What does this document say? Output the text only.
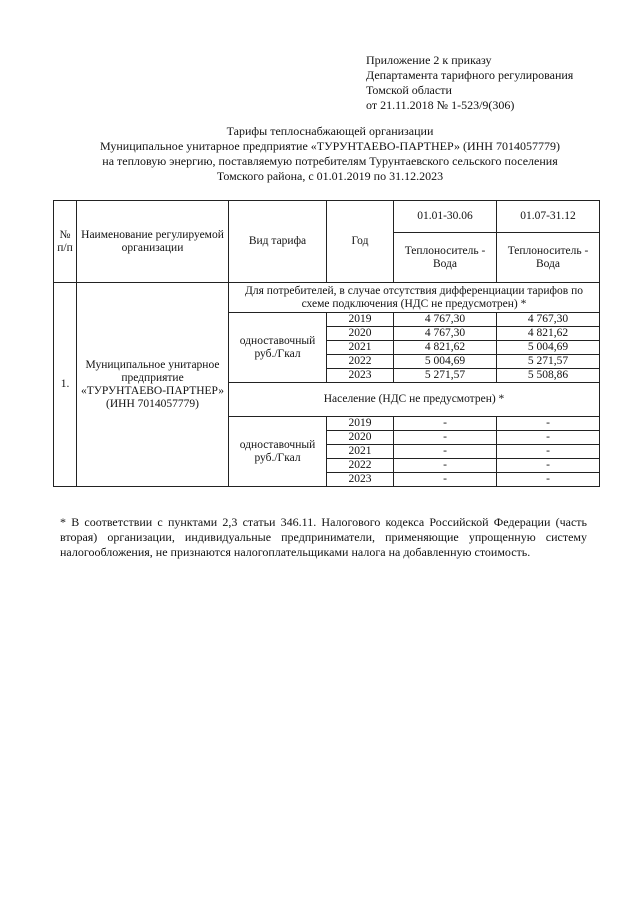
Приложение 2 к приказу
Департамента тарифного регулирования
Томской области
от 21.11.2018 № 1-523/9(306)
Тарифы теплоснабжающей организации
Муниципальное унитарное предприятие «ТУРУНТАЕВО-ПАРТНЕР» (ИНН 7014057779)
на тепловую энергию, поставляемую потребителям Турунтаевского сельского поселения
Томского района, с 01.01.2019 по 31.12.2023
№ п/п	Наименование регулируемой организации	Вид тарифа	Год	01.01-30.06	01.07-31.12
				Теплоноситель - Вода	Теплоноситель - Вода
1.	Муниципальное унитарное предприятие «ТУРУНТАЕВО-ПАРТНЕР» (ИНН 7014057779)	Для потребителей, в случае отсутствия дифференциации тарифов по схеме подключения (НДС не предусмотрен) *			
		одноставочный руб./Гкал	2019	4 767,30	4 767,30
			2020	4 767,30	4 821,62
			2021	4 821,62	5 004,69
			2022	5 004,69	5 271,57
			2023	5 271,57	5 508,86
		Население (НДС не предусмотрен) *			
		одноставочный руб./Гкал	2019	-	-
			2020	-	-
			2021	-	-
			2022	-	-
			2023	-	-
* В соответствии с пунктами 2,3 статьи 346.11. Налогового кодекса Российской Федерации (часть вторая) организации, индивидуальные предприниматели, применяющие упрощенную систему налогообложения, не признаются налогоплательщиками налога на добавленную стоимость.
